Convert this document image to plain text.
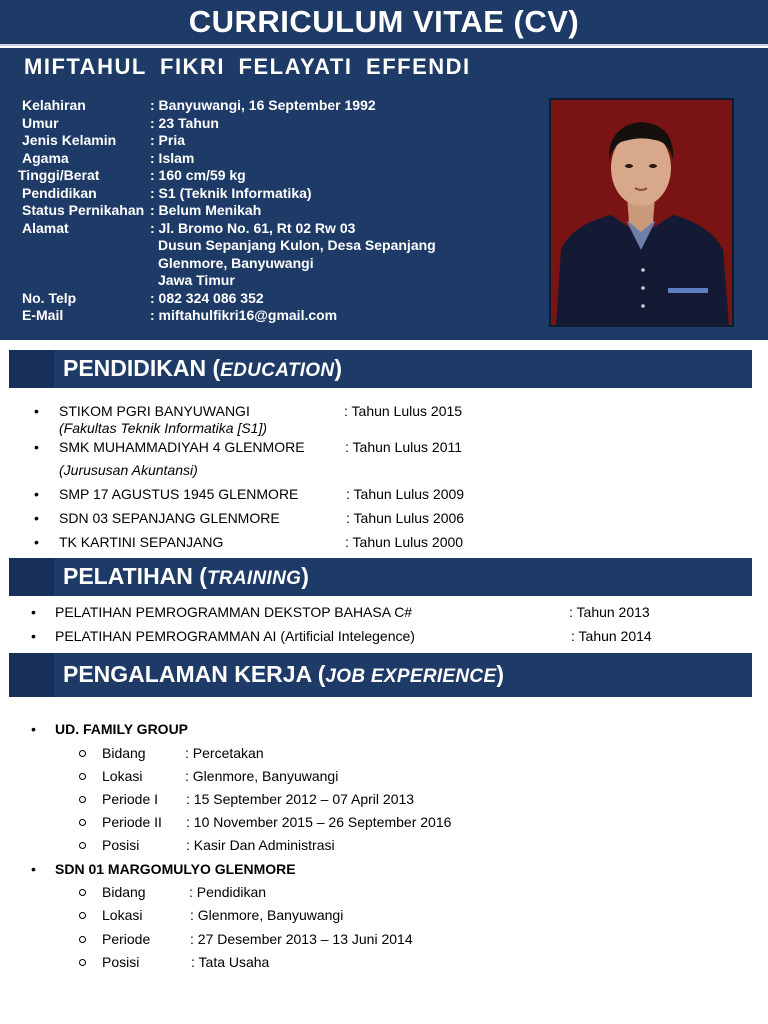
CURRICULUM VITAE (CV)
MIFTAHUL FIKRI FELAYATI EFFENDI
Kelahiran	: Banyuwangi, 16 September 1992
Umur	: 23 Tahun
Jenis Kelamin : Pria
Agama	: Islam
Tinggi/Berat	: 160 cm/59 kg
Pendidikan	: S1 (Teknik Informatika)
Status Pernikahan : Belum Menikah
Alamat	: Jl. Bromo No. 61, Rt 02 Rw 03
Dusun Sepanjang Kulon, Desa Sepanjang
Glenmore, Banyuwangi
Jawa Timur
No. Telp	: 082 324 086 352
E-Mail	: miftahulfikri16@gmail.com
PENDIDIKAN (EDUCATION)
• STIKOM PGRI BANYUWANGI	: Tahun Lulus 2015
(Fakultas Teknik Informatika [S1])
• SMK MUHAMMADIYAH 4 GLENMORE	: Tahun Lulus 2011
(Jurususan Akuntansi)
• SMP 17 AGUSTUS 1945 GLENMORE	: Tahun Lulus 2009
• SDN 03 SEPANJANG GLENMORE	: Tahun Lulus 2006
• TK KARTINI SEPANJANG	: Tahun Lulus 2000
PELATIHAN (TRAINING)
• PELATIHAN PEMROGRAMMAN DEKSTOP BAHASA C#	: Tahun 2013
• PELATIHAN PEMROGRAMMAN AI (Artificial Intelegence)	: Tahun 2014
PENGALAMAN KERJA (JOB EXPERIENCE)
• UD. FAMILY GROUP
Bidang	: Percetakan
Lokasi	: Glenmore, Banyuwangi
Periode I : 15 September 2012 – 07 April 2013
Periode II : 10 November 2015 – 26 September 2016
Posisi	: Kasir Dan Administrasi
• SDN 01 MARGOMULYO GLENMORE
Bidang	: Pendidikan
Lokasi	: Glenmore, Banyuwangi
Periode	: 27 Desember 2013 – 13 Juni 2014
Posisi	: Tata Usaha
